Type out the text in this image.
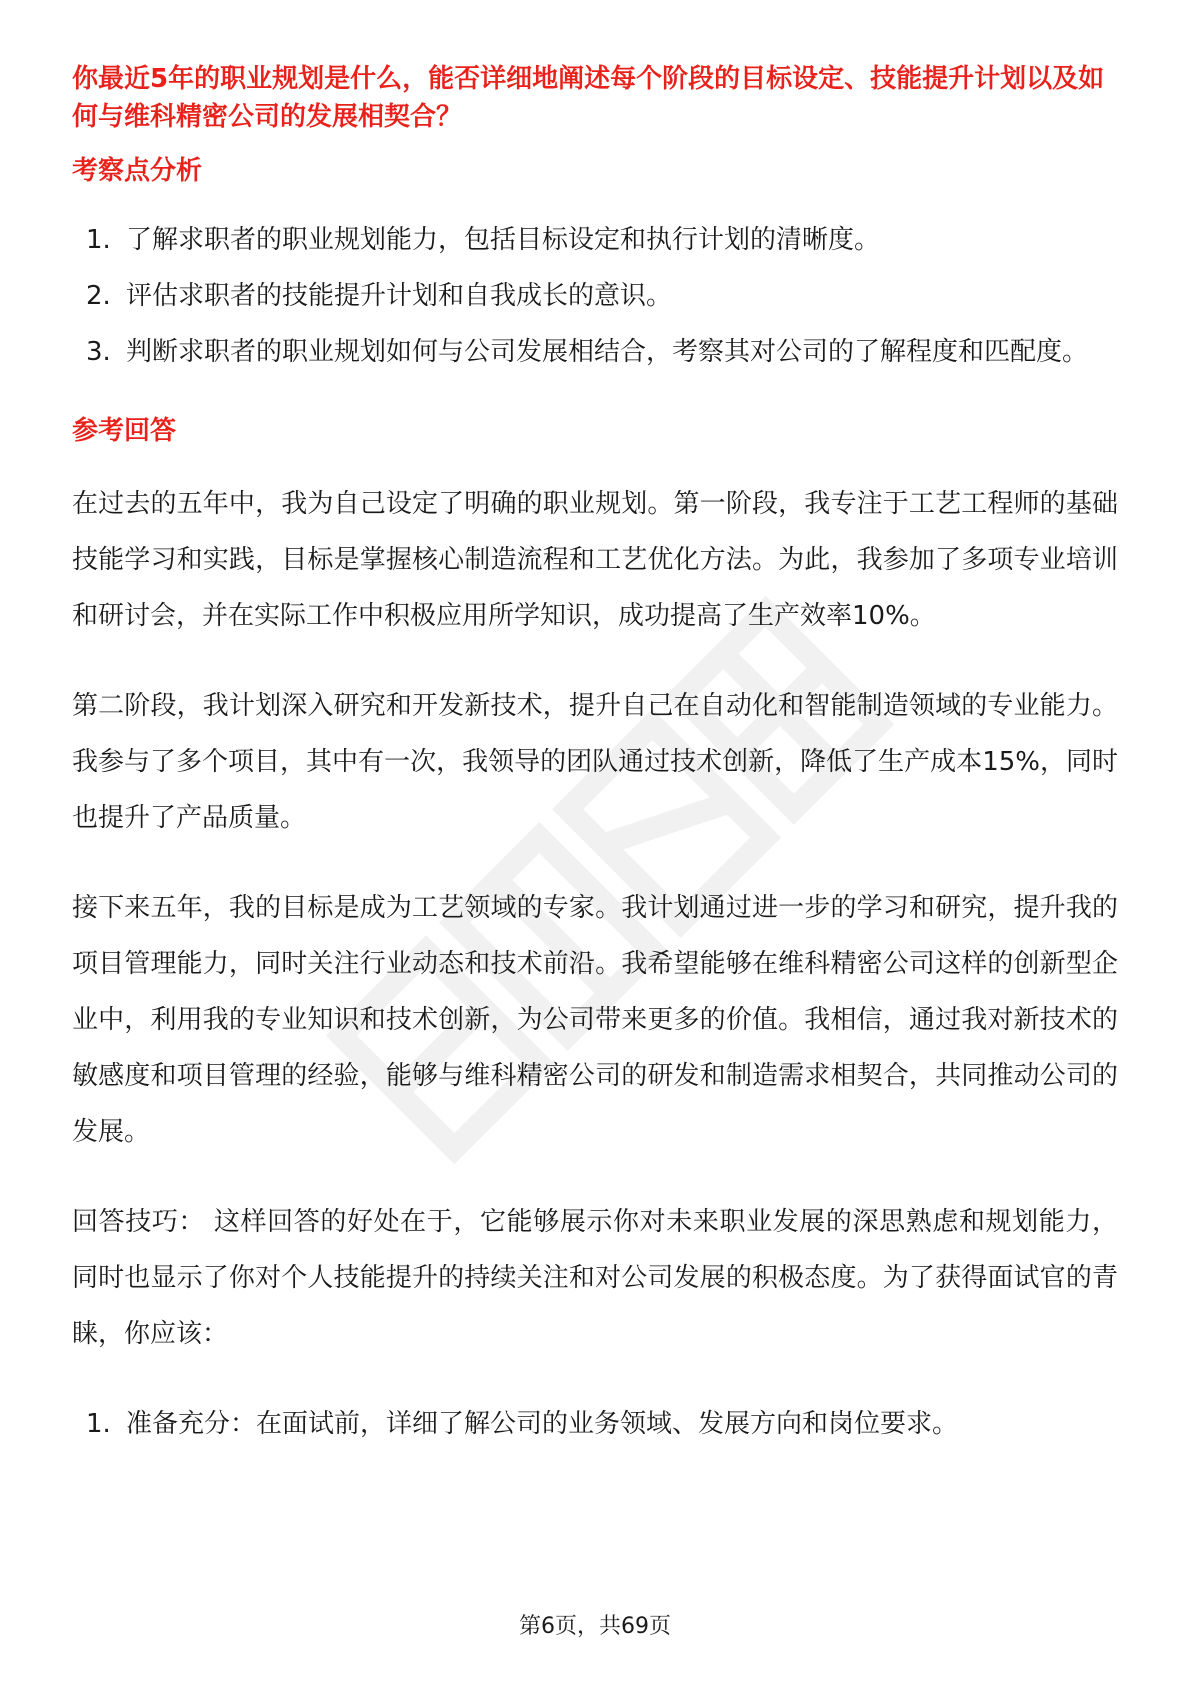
你最近5年的职业规划是什么，能否详细地阐述每个阶段的目标设定、技能提升计划以及如何与维科精密公司的发展相契合？
考察点分析
1. 了解求职者的职业规划能力，包括目标设定和执行计划的清晰度。
2. 评估求职者的技能提升计划和自我成长的意识。
3. 判断求职者的职业规划如何与公司发展相结合，考察其对公司的了解程度和匹配度。
参考回答

在过去的五年中，我为自己设定了明确的职业规划。第一阶段，我专注于工艺工程师的基础技能学习和实践，目标是掌握核心制造流程和工艺优化方法。为此，我参加了多项专业培训和研讨会，并在实际工作中积极应用所学知识，成功提高了生产效率10%。

第二阶段，我计划深入研究和开发新技术，提升自己在自动化和智能制造领域的专业能力。我参与了多个项目，其中有一次，我领导的团队通过技术创新，降低了生产成本15%，同时也提升了产品质量。

接下来五年，我的目标是成为工艺领域的专家。我计划通过进一步的学习和研究，提升我的项目管理能力，同时关注行业动态和技术前沿。我希望能够在维科精密公司这样的创新型企业中，利用我的专业知识和技术创新，为公司带来更多的价值。我相信，通过我对新技术的敏感度和项目管理的经验，能够与维科精密公司的研发和制造需求相契合，共同推动公司的发展。

回答技巧： 这样回答的好处在于，它能够展示你对未来职业发展的深思熟虑和规划能力，同时也显示了你对个人技能提升的持续关注和对公司发展的积极态度。为了获得面试官的青睐，你应该：

1. 准备充分：在面试前，详细了解公司的业务领域、发展方向和岗位要求。
第6页，共69页
